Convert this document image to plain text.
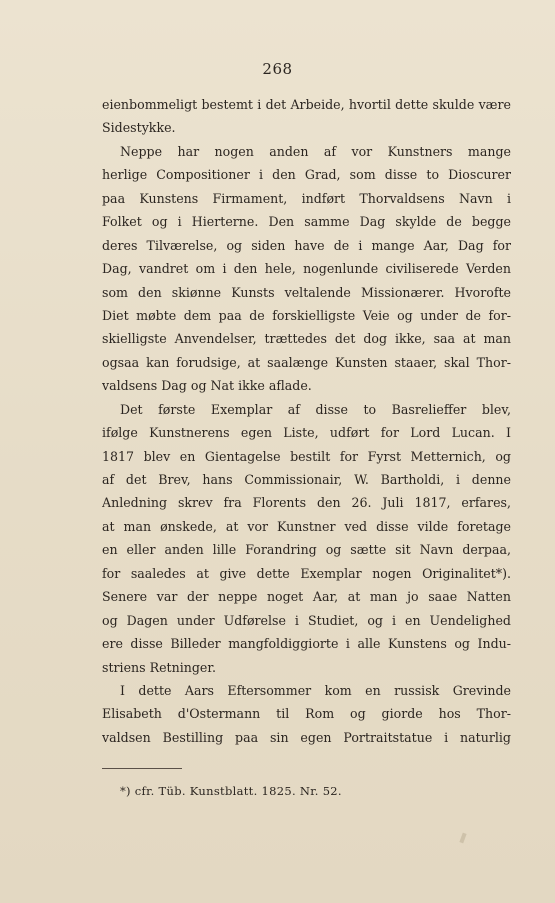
268
eienbommeligt bestemt i det Arbeide, hvortil dette skulde være
Sidestykke.
Neppe har nogen anden af vor Kunstners mange
herlige Compositioner i den Grad, som disse to Dioscurer
paa Kunstens Firmament, indført Thorvaldsens Navn i
Folket og i Hierterne. Den samme Dag skylde de begge
deres Tilværelse, og siden have de i mange Aar, Dag for
Dag, vandret om i den hele, nogenlunde civiliserede Verden
som den skiønne Kunsts veltalende Missionærer. Hvorofte
Diet møbte dem paa de forskielligste Veie og under de for-
skielligste Anvendelser, trættedes det dog ikke, saa at man
ogsaa kan forudsige, at saalænge Kunsten staaer, skal Thor-
valdsens Dag og Nat ikke aflade.
Det første Exemplar af disse to Basrelieffer blev,
ifølge Kunstnerens egen Liste, udført for Lord Lucan. I
1817 blev en Gientagelse bestilt for Fyrst Metternich, og
af det Brev, hans Commissionair, W. Bartholdi, i denne
Anledning skrev fra Florents den 26. Juli 1817, erfares,
at man ønskede, at vor Kunstner ved disse vilde foretage
en eller anden lille Forandring og sætte sit Navn derpaa,
for saaledes at give dette Exemplar nogen Originalitet*).
Senere var der neppe noget Aar, at man jo saae Natten
og Dagen under Udførelse i Studiet, og i en Uendelighed
ere disse Billeder mangfoldiggiorte i alle Kunstens og Indu-
striens Retninger.
I dette Aars Eftersommer kom en russisk Grevinde
Elisabeth d'Ostermann til Rom og giorde hos Thor-
valdsen Bestilling paa sin egen Portraitstatue i naturlig
*) cfr. Tüb. Kunstblatt. 1825. Nr. 52.
